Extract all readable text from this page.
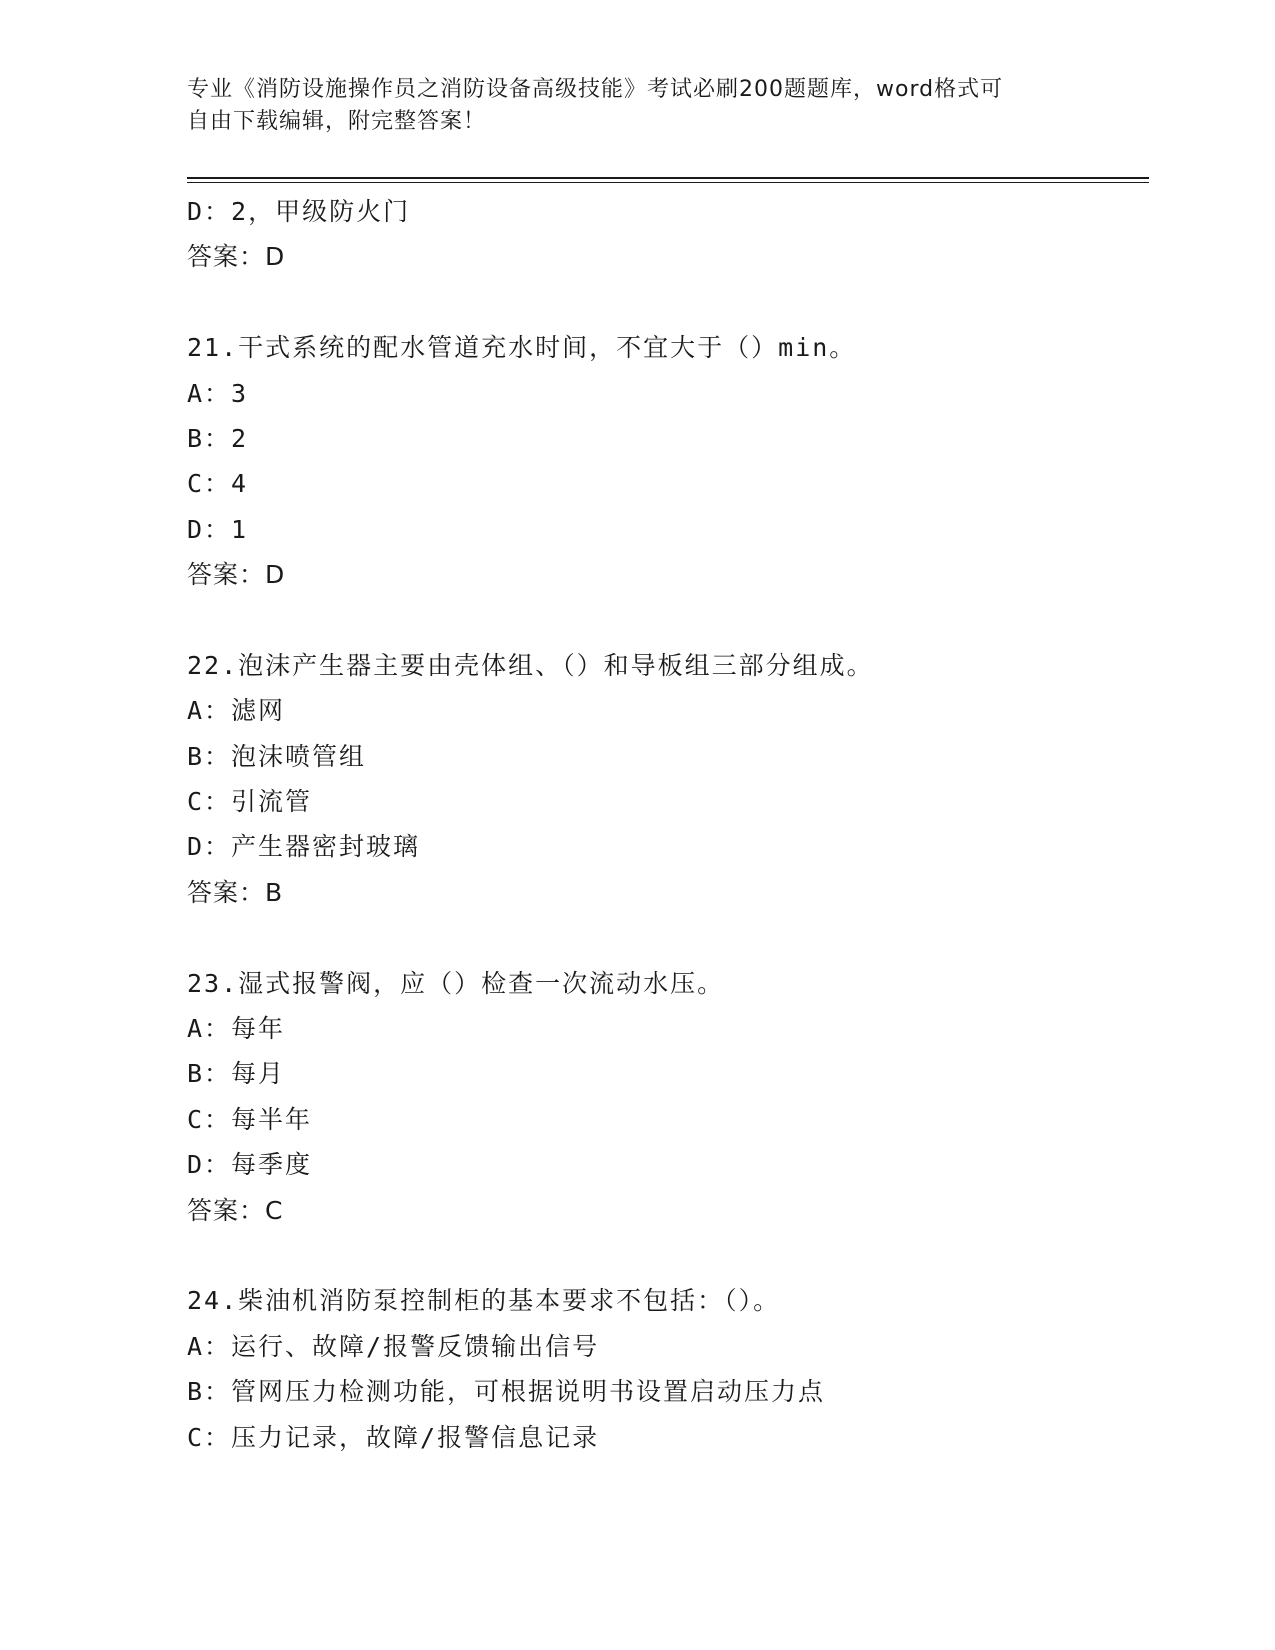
专业《消防设施操作员之消防设备高级技能》考试必刷200题题库，word格式可
自由下载编辑，附完整答案！
D：2，甲级防火门
答案：D
21.干式系统的配水管道充水时间，不宜大于（）min。
A：3
B：2
C：4
D：1
答案：D
22.泡沫产生器主要由壳体组、（）和导板组三部分组成。
A：滤网
B：泡沫喷管组
C：引流管
D：产生器密封玻璃
答案：B
23.湿式报警阀，应（）检查一次流动水压。
A：每年
B：每月
C：每半年
D：每季度
答案：C
24.柴油机消防泵控制柜的基本要求不包括：（）。
A：运行、故障/报警反馈输出信号
B：管网压力检测功能，可根据说明书设置启动压力点
C：压力记录，故障/报警信息记录
